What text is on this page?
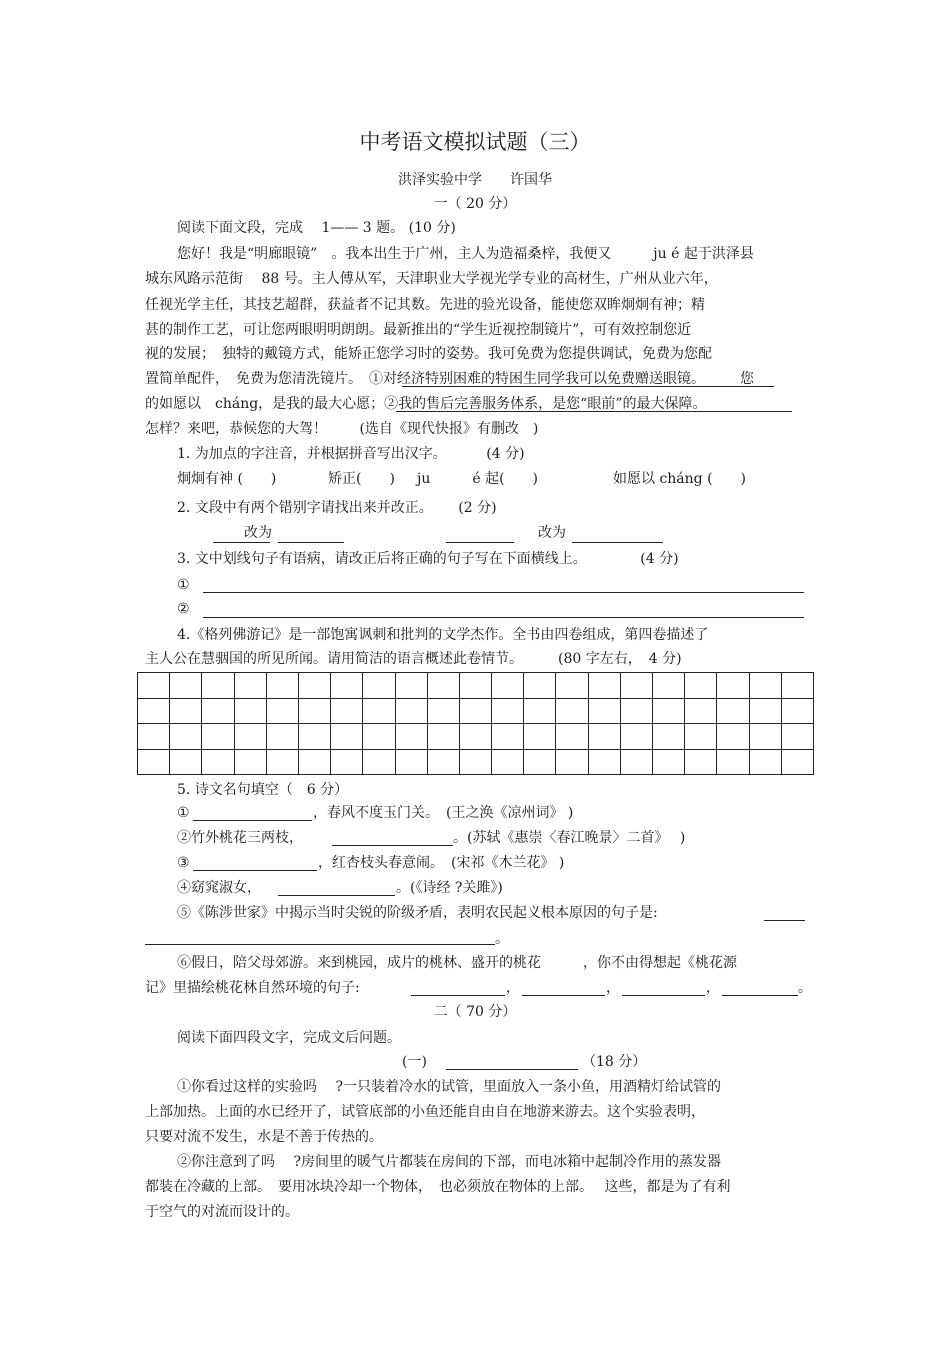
中考语文模拟试题（三）
洪泽实验中学　　许国华
一（ 20 分）
阅读下面文段，完成　 1—— 3 题。 (10 分)
您好！我是“明廊眼镜”　。我本出生于广州，主人为造福桑梓，我便又　　　ju é 起于洪泽县
城东风路示范街　 88 号。主人傅从军，天津职业大学视光学专业的高材生，广州从业六年，
任视光学主任，其技艺超群，获益者不记其数。先进的验光设备，能使您双眸炯炯有神；精
甚的制作工艺，可让您两眼明明朗朗。最新推出的“学生近视控制镜片”，可有效控制您近
视的发展；　独特的戴镜方式，能矫正您学习时的姿势。我可免费为您提供调试，免费为您配
置简单配件，　免费为您清洗镜片。　①对经济特别困难的特困生同学我可以免费赠送眼镜。　　　您
的如愿以　cháng，是我的最大心愿；②我的售后完善服务体系，是您“眼前”的最大保障。
怎样？来吧，恭候您的大驾！　　 (选自《现代快报》有删改　)
1. 为加点的字注音，并根据拼音写出汉字。　　　 (4 分)
炯炯有神 (　　)	矫正(　　) ju　　　é 起(　　)	如愿以 cháng (　　)
2. 文段中有两个错别字请找出来并改正。　　 (2 分)
改为	改为
3. 文中划线句子有语病，请改正后将正确的句子写在下面横线上。　　　　 (4 分)
①
②
4.《格列佛游记》是一部饱寓讽刺和批判的文学杰作。全书由四卷组成，第四卷描述了
主人公在慧骃国的所见所闻。请用简洁的语言概述此卷情节。　　　(80 字左右，　4 分)

5. 诗文名句填空（　6 分）
①	，春风不度玉门关。　(王之涣《凉州词》 )
②竹外桃花三两枝，	。(苏轼《惠崇〈春江晚景〉二首》　 )
③	，红杏枝头春意闹。　(宋祁《木兰花》 )
④窈窕淑女，	。(《诗经 ?关雎》)
⑤《陈涉世家》中揭示当时尖锐的阶级矛盾，表明农民起义根本原因的句子是:
。
⑥假日，陪父母郊游。来到桃园，成片的桃林、盛开的桃花　　　，你不由得想起《桃花源
记》里描绘桃花林自然环境的句子:	，	，	，	。
二（ 70 分）
阅读下面四段文字，完成文后问题。
(一)	（18 分）
①你看过这样的实验吗　 ?一只装着冷水的试管，里面放入一条小鱼，用酒精灯给试管的
上部加热。上面的水已经开了，试管底部的小鱼还能自由自在地游来游去。这个实验表明，
只要对流不发生，水是不善于传热的。
②你注意到了吗　 ?房间里的暖气片都装在房间的下部，而电冰箱中起制冷作用的蒸发器
都装在冷藏的上部。　要用冰块冷却一个物体，　也必须放在物体的上部。　 这些，都是为了有利
于空气的对流而设计的。
